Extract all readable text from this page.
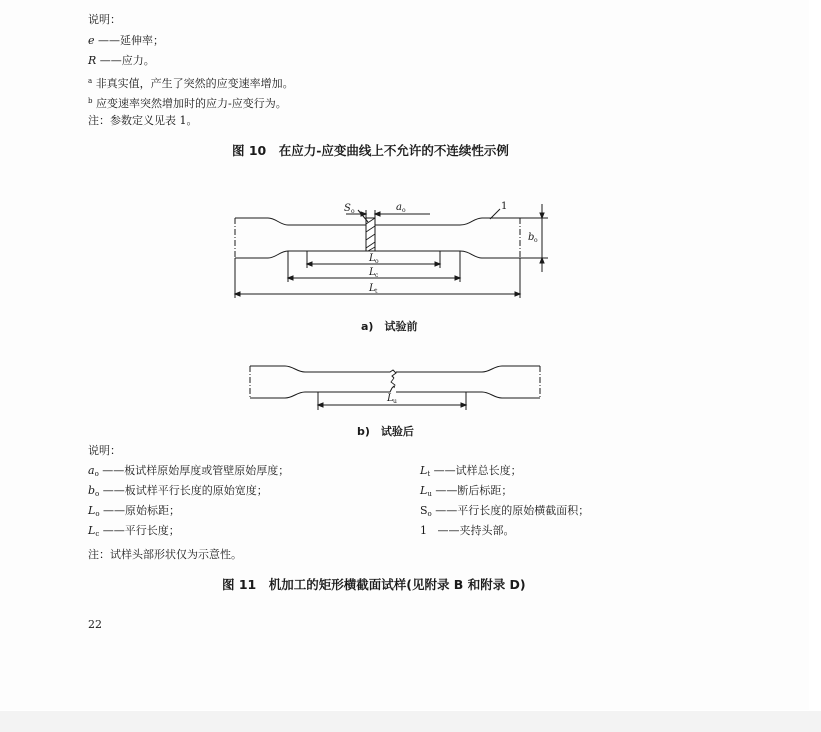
说明：
e ——延伸率；
R ——应力。
$^a$ 非真实值，产生了突然的应变速率增加。
$^b$ 应变速率突然增加时的应力-应变行为。
注：参数定义见表 1。
图 10　在应力-应变曲线上不允许的不连续性示例
S o	a o
b o
L o
L c
L t
1
a)　试验前
L u
b)　试验后
说明：
ao ——板试样原始厚度或管壁原始厚度；
bo ——板试样平行长度的原始宽度；
Lo ——原始标距；
Lc ——平行长度；
Lt ——试样总长度；
Lu ——断后标距；
So ——平行长度的原始横截面积；
1 ——夹持头部。
注：试样头部形状仅为示意性。
图 11　机加工的矩形横截面试样(见附录 B 和附录 D)
22
